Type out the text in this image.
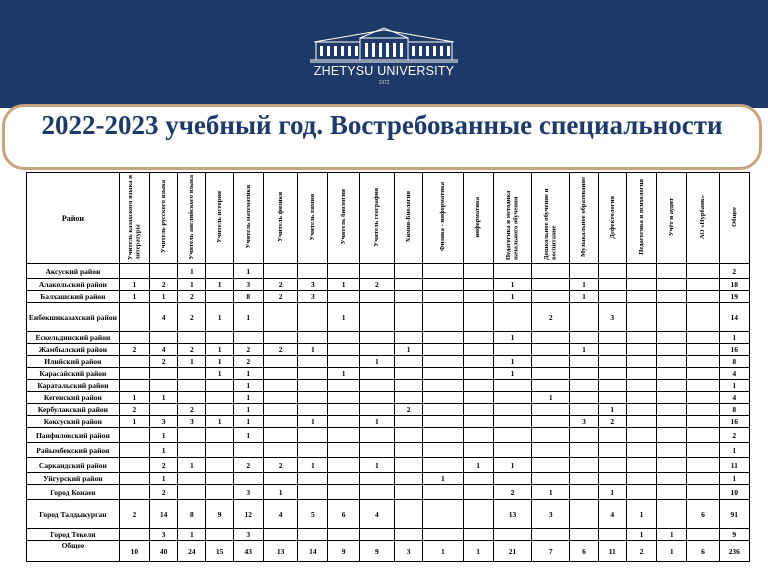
ZHETYSU UNIVERSITY
1972
2022-2023 учебный год. Востребованные специальности
Район	Учитель казахского языка и литературы	Учитель русского языка	Учитель английского языка	Учитель истории	Учитель математики	Учитель физики	Учитель химии	Учитель биологии	Учитель географии	Химия-Биология	Физика - информатика	информатика	Педагогика и методика начального обучения	Дошкольное обучение и воспитание	Музыкальное образование	Дефектология	Педагогика и психология	Учёт и аудит	АО «Нурбанк»	Общее
Аксуский район			1		1															2
Алакольский район	1	2	1	1	3	2	3	1	2				1		1					18
Балхашский район	1	1	2		8	2	3						1		1					19
Енбекшиказахский район		4	2	1	1			1						2		3				14
Ескельдинский район													1							1
Жамбылский район	2	4	2	1	2	2	1			1					1					16
Илийский район		2	1	1	2				1				1							8
Карасайский район				1	1			1					1							4
Каратальский район					1															1
Кегенский район	1	1			1									1						4
Кербулакский район	2		2		1					2						1				8
Коксуский район	1	3	3	1	1		1		1						3	2				16
Панфиловский район		1			1															2
Райымбекский район		1																		1
Саркандский район		2	1		2	2	1		1			1	1							11
Уйгурский район		1									1									1
Город Конаев		2			3	1							2	1		1				10
Город Талдыкурган	2	14	8	9	12	4	5	6	4				13	3		4	1		6	91
Город Текели		3	1		3												1	1		9
Общее	10	40	24	15	43	13	14	9	9	3	1	1	21	7	6	11	2	1	6	236
